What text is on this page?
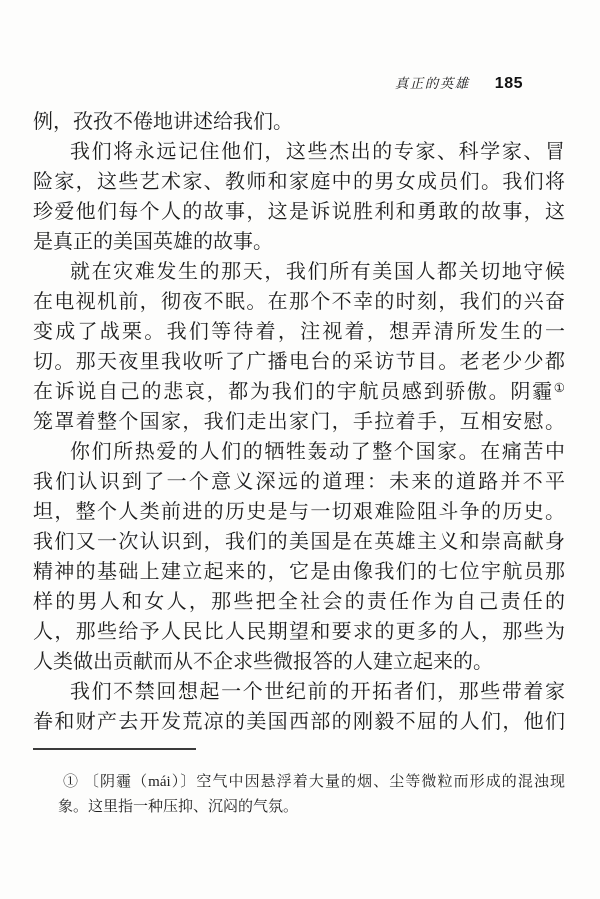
真正的英雄 185
例，孜孜不倦地讲述给我们。
我们将永远记住他们，这些杰出的专家、科学家、冒
险家，这些艺术家、教师和家庭中的男女成员们。我们将
珍爱他们每个人的故事，这是诉说胜利和勇敢的故事，这
是真正的美国英雄的故事。
就在灾难发生的那天，我们所有美国人都关切地守候
在电视机前，彻夜不眠。在那个不幸的时刻，我们的兴奋
变成了战栗。我们等待着，注视着，想弄清所发生的一
切。那天夜里我收听了广播电台的采访节目。老老少少都
在诉说自己的悲哀，都为我们的宇航员感到骄傲。阴霾①
笼罩着整个国家，我们走出家门，手拉着手，互相安慰。
你们所热爱的人们的牺牲轰动了整个国家。在痛苦中
我们认识到了一个意义深远的道理：未来的道路并不平
坦，整个人类前进的历史是与一切艰难险阻斗争的历史。
我们又一次认识到，我们的美国是在英雄主义和崇高献身
精神的基础上建立起来的，它是由像我们的七位宇航员那
样的男人和女人，那些把全社会的责任作为自己责任的
人，那些给予人民比人民期望和要求的更多的人，那些为
人类做出贡献而从不企求些微报答的人建立起来的。
我们不禁回想起一个世纪前的开拓者们，那些带着家
眷和财产去开发荒凉的美国西部的刚毅不屈的人们，他们
① 〔阴霾（mái）〕空气中因悬浮着大量的烟、尘等微粒而形成的混浊现
象。这里指一种压抑、沉闷的气氛。
